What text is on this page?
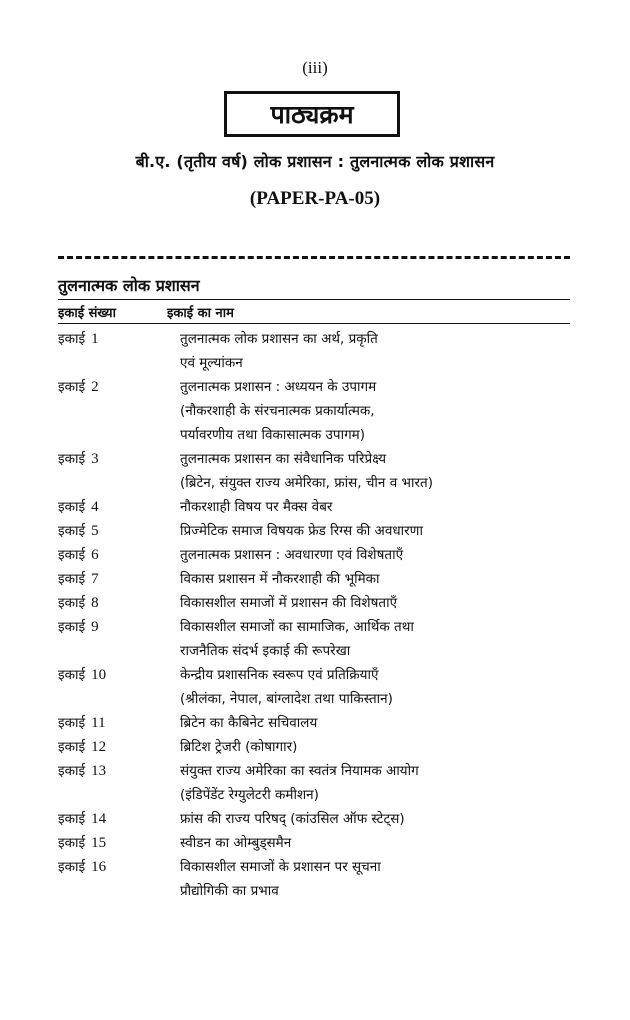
(iii)
पाठ्यक्रम
बी.ए. (तृतीय वर्ष) लोक प्रशासन : तुलनात्मक लोक प्रशासन
(PAPER-PA-05)
तुलनात्मक लोक प्रशासन
इकाई संख्या	इकाई का नाम
इकाई 1	तुलनात्मक लोक प्रशासन का अर्थ, प्रकृति
एवं मूल्यांकन
इकाई 2	तुलनात्मक प्रशासन : अध्ययन के उपागम
(नौकरशाही के संरचनात्मक प्रकार्यात्मक,
पर्यावरणीय तथा विकासात्मक उपागम)
इकाई 3	तुलनात्मक प्रशासन का संवैधानिक परिप्रेक्ष्य
(ब्रिटेन, संयुक्त राज्य अमेरिका, फ्रांस, चीन व भारत)
इकाई 4	नौकरशाही विषय पर मैक्स वेबर
इकाई 5	प्रिज्मेटिक समाज विषयक फ्रेड रिग्स की अवधारणा
इकाई 6	तुलनात्मक प्रशासन : अवधारणा एवं विशेषताएँ
इकाई 7	विकास प्रशासन में नौकरशाही की भूमिका
इकाई 8	विकासशील समाजों में प्रशासन की विशेषताएँ
इकाई 9	विकासशील समाजों का सामाजिक, आर्थिक तथा
राजनैतिक संदर्भ इकाई की रूपरेखा
इकाई 10	केन्द्रीय प्रशासनिक स्वरूप एवं प्रतिक्रियाएँ
(श्रीलंका, नेपाल, बांग्लादेश तथा पाकिस्तान)
इकाई 11	ब्रिटेन का कैबिनेट सचिवालय
इकाई 12	ब्रिटिश ट्रेजरी (कोषागार)
इकाई 13	संयुक्त राज्य अमेरिका का स्वतंत्र नियामक आयोग
(इंडिपेंडेंट रेग्युलेटरी कमीशन)
इकाई 14	फ्रांस की राज्य परिषद् (कांउसिल ऑफ स्टेट्स)
इकाई 15	स्वीडन का ओम्बुड्समैन
इकाई 16	विकासशील समाजों के प्रशासन पर सूचना
प्रौद्योगिकी का प्रभाव
